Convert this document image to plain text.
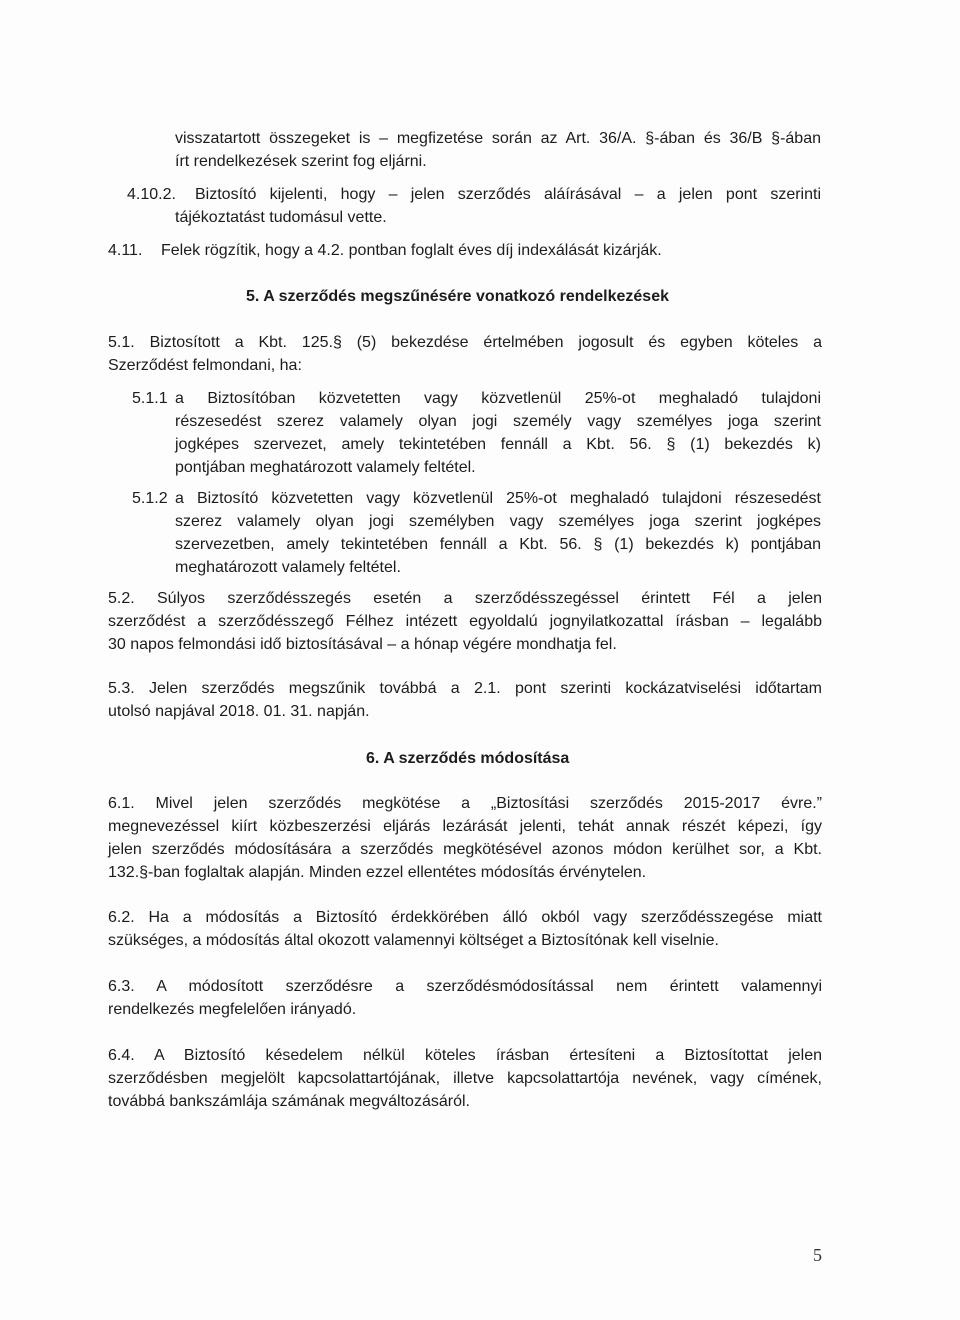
visszatartott összegeket is – megfizetése során az Art. 36/A. §-ában és 36/B §-ában

írt rendelkezések szerint fog eljárni.

4.10.2. Biztosító kijelenti, hogy – jelen szerződés aláírásával – a jelen pont szerinti

tájékoztatást tudomásul vette.

4.11. Felek rögzítik, hogy a 4.2. pontban foglalt éves díj indexálását kizárják.

5. A szerződés megszűnésére vonatkozó rendelkezések

5.1. Biztosított a Kbt. 125.§ (5) bekezdése értelmében jogosult és egyben köteles a

Szerződést felmondani, ha:

5.1.1 a Biztosítóban közvetetten vagy közvetlenül 25%-ot meghaladó tulajdoni

részesedést szerez valamely olyan jogi személy vagy személyes joga szerint

jogképes szervezet, amely tekintetében fennáll a Kbt. 56. § (1) bekezdés k)

pontjában meghatározott valamely feltétel.

5.1.2 a Biztosító közvetetten vagy közvetlenül 25%-ot meghaladó tulajdoni részesedést

szerez valamely olyan jogi személyben vagy személyes joga szerint jogképes

szervezetben, amely tekintetében fennáll a Kbt. 56. § (1) bekezdés k) pontjában

meghatározott valamely feltétel.

5.2. Súlyos szerződésszegés esetén a szerződésszegéssel érintett Fél a jelen

szerződést a szerződésszegő Félhez intézett egyoldalú jognyilatkozattal írásban – legalább

30 napos felmondási idő biztosításával – a hónap végére mondhatja fel.

5.3. Jelen szerződés megszűnik továbbá a 2.1. pont szerinti kockázatviselési időtartam

utolsó napjával 2018. 01. 31. napján.

6. A szerződés módosítása

6.1. Mivel jelen szerződés megkötése a „Biztosítási szerződés 2015-2017 évre.”

megnevezéssel kiírt közbeszerzési eljárás lezárását jelenti, tehát annak részét képezi, így

jelen szerződés módosítására a szerződés megkötésével azonos módon kerülhet sor, a Kbt.

132.§-ban foglaltak alapján. Minden ezzel ellentétes módosítás érvénytelen.

6.2. Ha a módosítás a Biztosító érdekkörében álló okból vagy szerződésszegése miatt

szükséges, a módosítás által okozott valamennyi költséget a Biztosítónak kell viselnie.

6.3. A módosított szerződésre a szerződésmódosítással nem érintett valamennyi

rendelkezés megfelelően irányadó.

6.4. A Biztosító késedelem nélkül köteles írásban értesíteni a Biztosítottat jelen

szerződésben megjelölt kapcsolattartójának, illetve kapcsolattartója nevének, vagy címének,

továbbá bankszámlája számának megváltozásáról.

5
